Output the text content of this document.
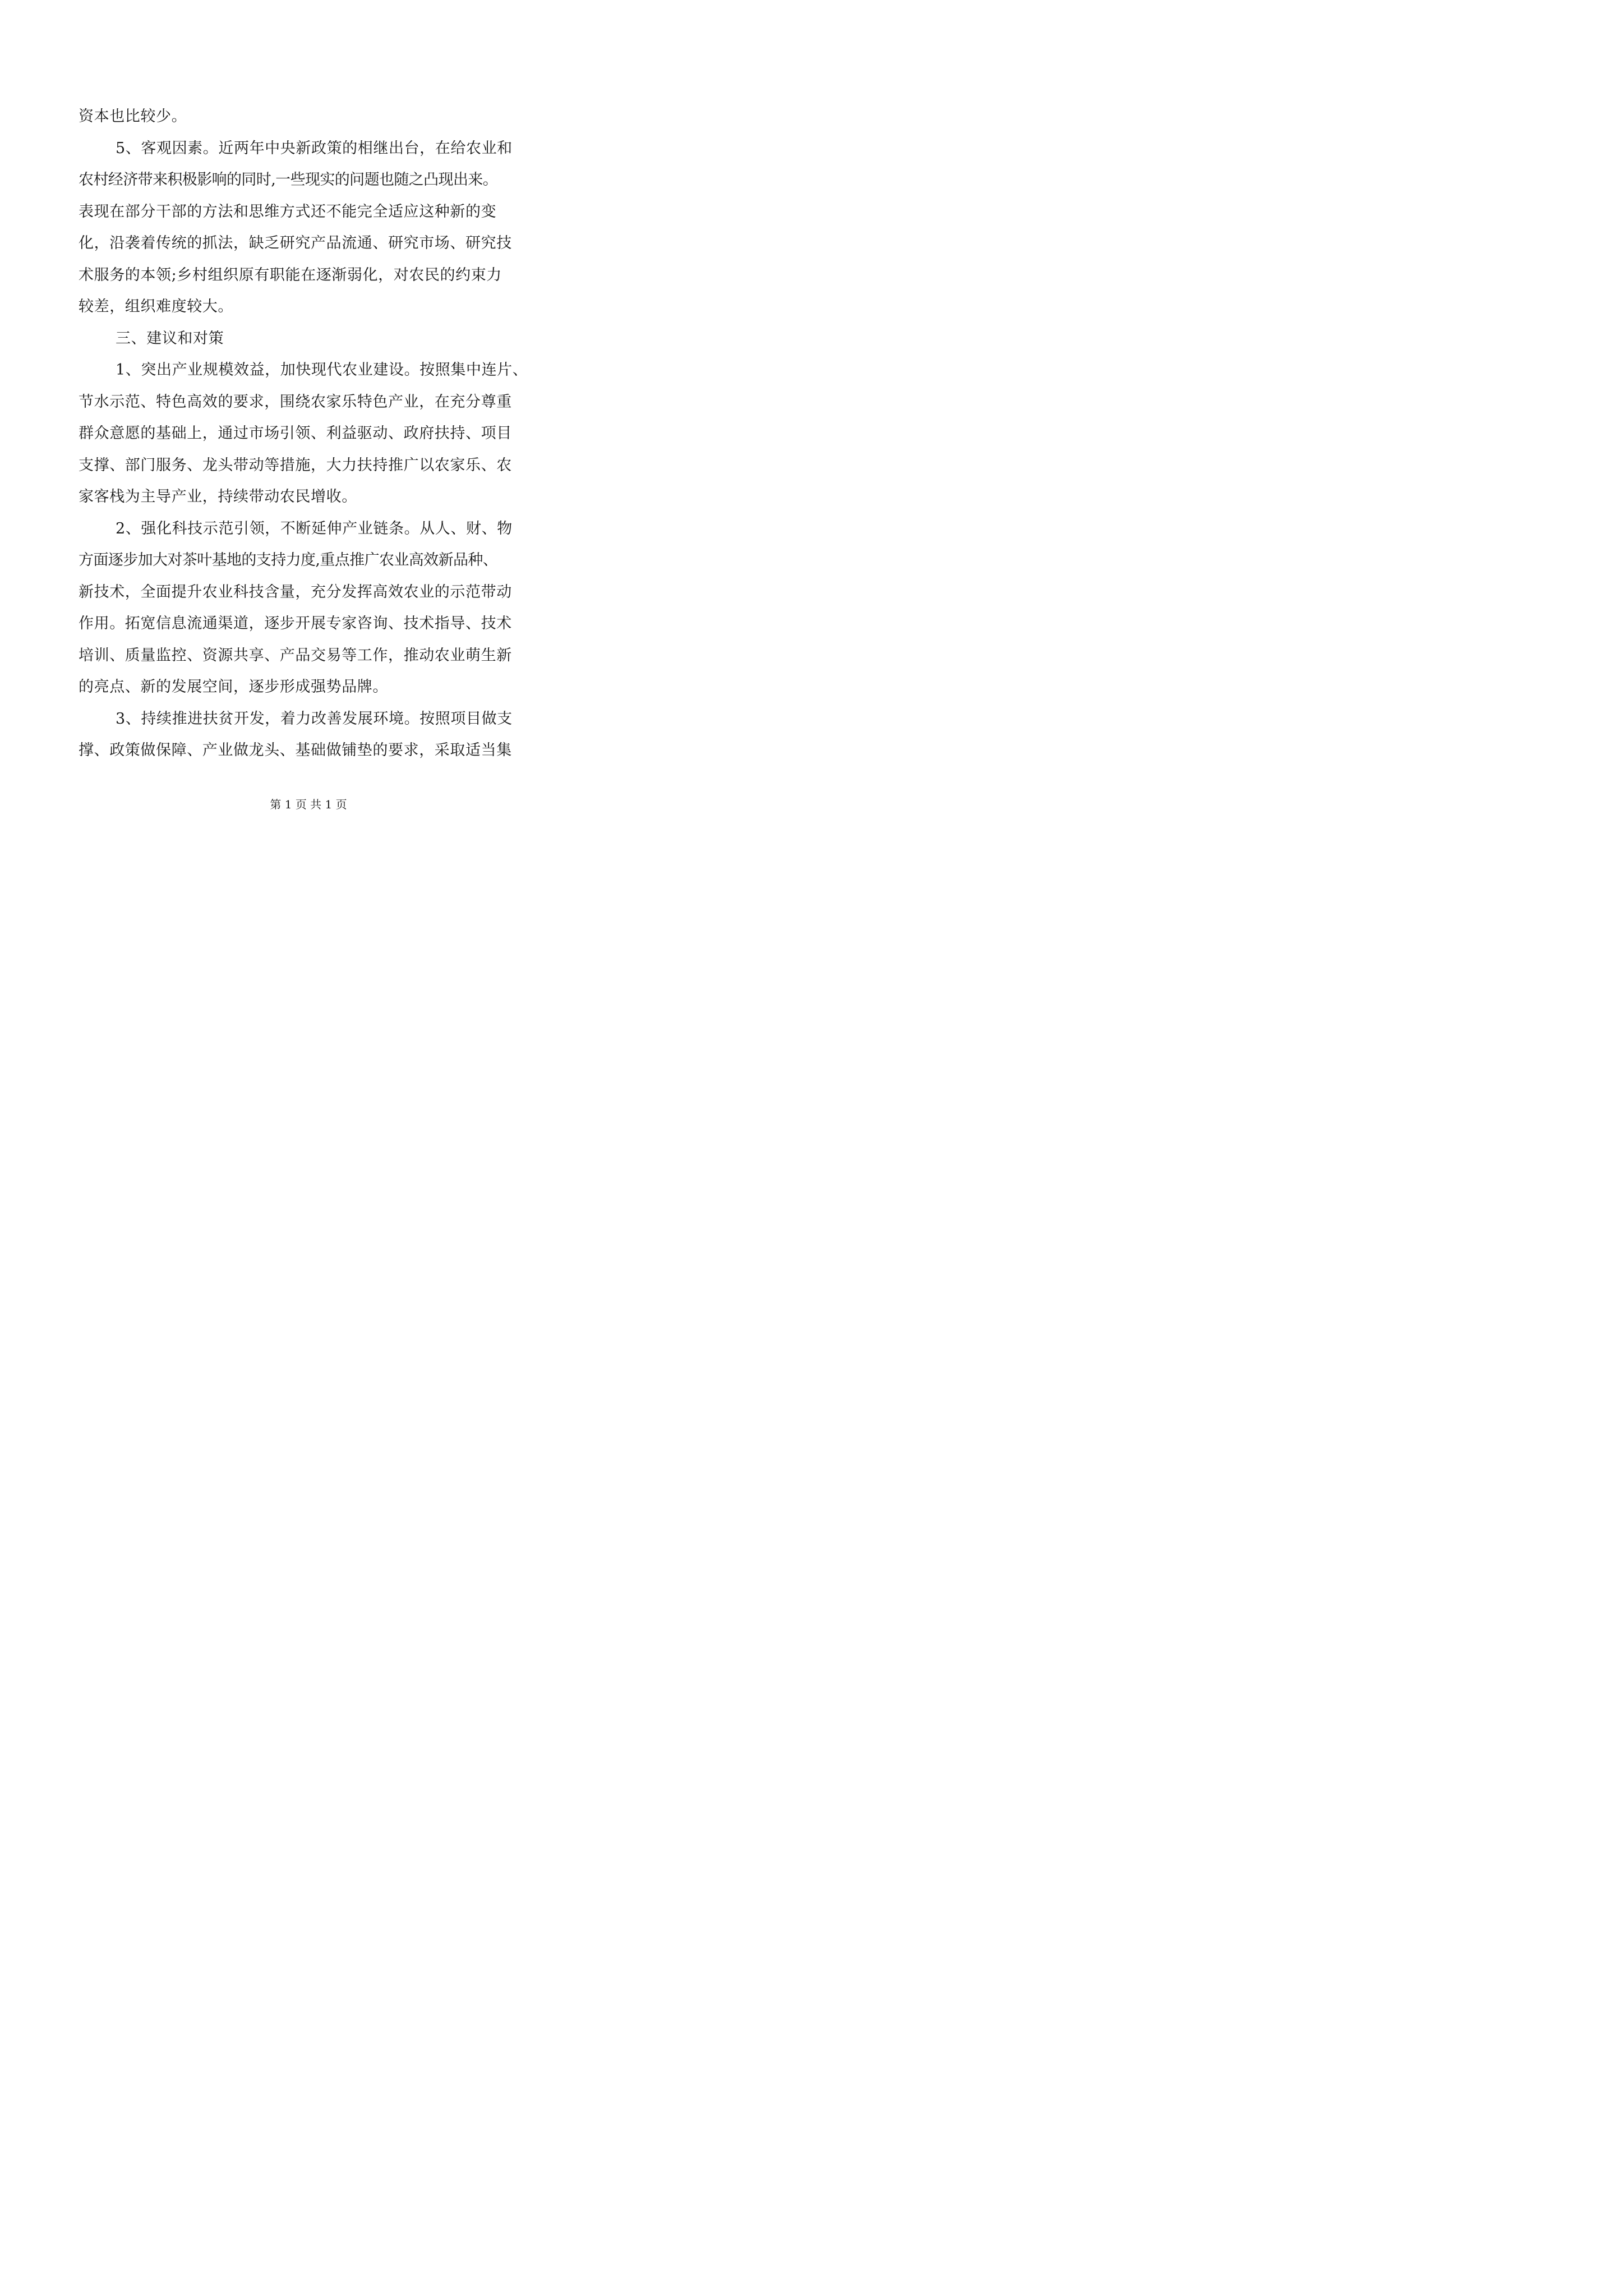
资本也比较少。
5、客观因素。近两年中央新政策的相继出台，在给农业和
农村经济带来积极影响的同时,一些现实的问题也随之凸现出来。
表现在部分干部的方法和思维方式还不能完全适应这种新的变
化，沿袭着传统的抓法，缺乏研究产品流通、研究市场、研究技
术服务的本领;乡村组织原有职能在逐渐弱化，对农民的约束力
较差，组织难度较大。
三、建议和对策
1、突出产业规模效益，加快现代农业建设。按照集中连片、
节水示范、特色高效的要求，围绕农家乐特色产业，在充分尊重
群众意愿的基础上，通过市场引领、利益驱动、政府扶持、项目
支撑、部门服务、龙头带动等措施，大力扶持推广以农家乐、农
家客栈为主导产业，持续带动农民增收。
2、强化科技示范引领，不断延伸产业链条。从人、财、物
方面逐步加大对茶叶基地的支持力度,重点推广农业高效新品种、
新技术，全面提升农业科技含量，充分发挥高效农业的示范带动
作用。拓宽信息流通渠道，逐步开展专家咨询、技术指导、技术
培训、质量监控、资源共享、产品交易等工作，推动农业萌生新
的亮点、新的发展空间，逐步形成强势品牌。
3、持续推进扶贫开发，着力改善发展环境。按照项目做支
撑、政策做保障、产业做龙头、基础做铺垫的要求，采取适当集
第 1 页 共 1 页
